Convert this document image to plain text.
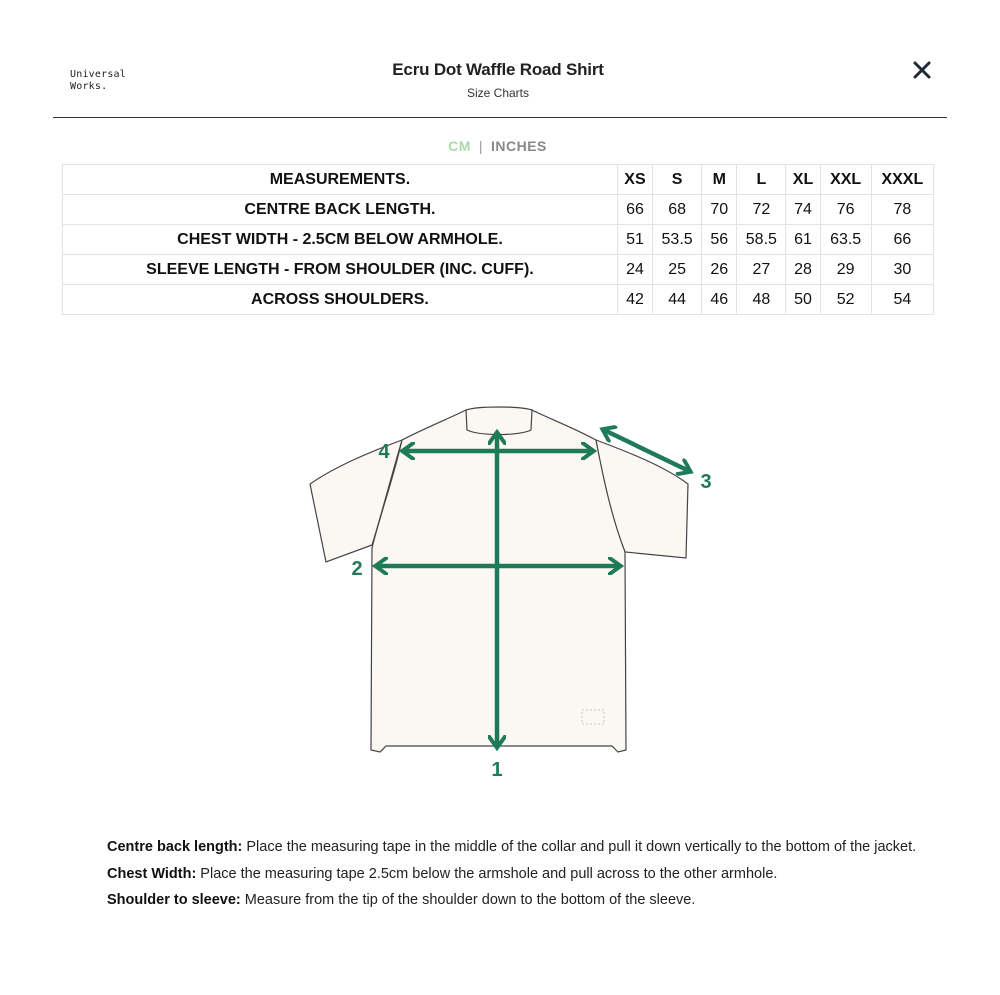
Universal
Works.
Ecru Dot Waffle Road Shirt
Size Charts
CM | INCHES
MEASUREMENTS.	XS	S	M	L	XL	XXL	XXXL
CENTRE BACK LENGTH.	66	68	70	72	74	76	78
CHEST WIDTH - 2.5CM BELOW ARMHOLE.	51	53.5	56	58.5	61	63.5	66
SLEEVE LENGTH - FROM SHOULDER (INC. CUFF).	24	25	26	27	28	29	30
ACROSS SHOULDERS.	42	44	46	48	50	52	54
1
2
3
4

Centre back length: Place the measuring tape in the middle of the collar and pull it down vertically to the bottom of the jacket.

Chest Width: Place the measuring tape 2.5cm below the armshole and pull across to the other armhole.

Shoulder to sleeve: Measure from the tip of the shoulder down to the bottom of the sleeve.
